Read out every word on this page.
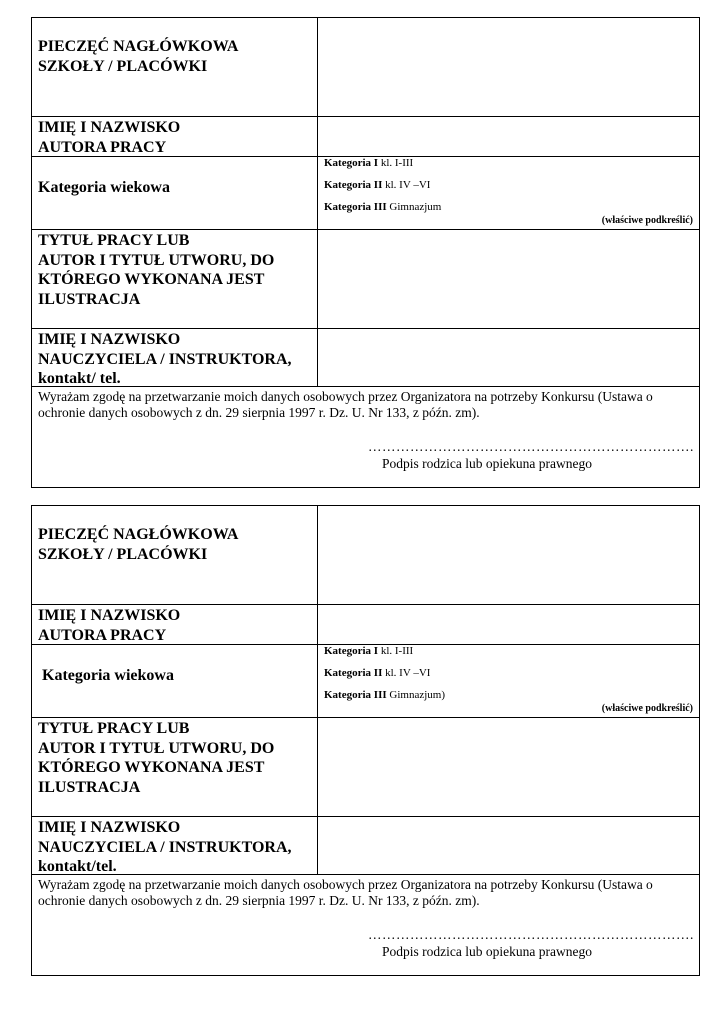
PIECZĘĆ NAGŁÓWKOWA
SZKOŁY / PLACÓWKI
IMIĘ I NAZWISKO
AUTORA PRACY
Kategoria wiekowa
Kategoria I kl. I-III
Kategoria II kl. IV –VI
Kategoria III Gimnazjum
(właściwe podkreślić)
TYTUŁ PRACY LUB
AUTOR I TYTUŁ UTWORU, DO
KTÓREGO WYKONANA JEST
ILUSTRACJA
IMIĘ I NAZWISKO
NAUCZYCIELA / INSTRUKTORA,
kontakt/ tel.
Wyrażam zgodę na przetwarzanie moich danych osobowych przez Organizatora na potrzeby Konkursu (Ustawa o ochronie danych osobowych z dn. 29 sierpnia 1997 r. Dz. U. Nr 133, z późn. zm).
…………………………………………………………….
Podpis rodzica lub opiekuna prawnego
PIECZĘĆ NAGŁÓWKOWA
SZKOŁY / PLACÓWKI
IMIĘ I NAZWISKO
AUTORA PRACY
Kategoria wiekowa
Kategoria I kl. I-III
Kategoria II kl. IV –VI
Kategoria III Gimnazjum)
(właściwe podkreślić)
TYTUŁ PRACY LUB
AUTOR I TYTUŁ UTWORU, DO
KTÓREGO WYKONANA JEST
ILUSTRACJA
IMIĘ I NAZWISKO
NAUCZYCIELA / INSTRUKTORA,
kontakt/tel.
Wyrażam zgodę na przetwarzanie moich danych osobowych przez Organizatora na potrzeby Konkursu (Ustawa o ochronie danych osobowych z dn. 29 sierpnia 1997 r. Dz. U. Nr 133, z późn. zm).
…………………………………………………………….
Podpis rodzica lub opiekuna prawnego
